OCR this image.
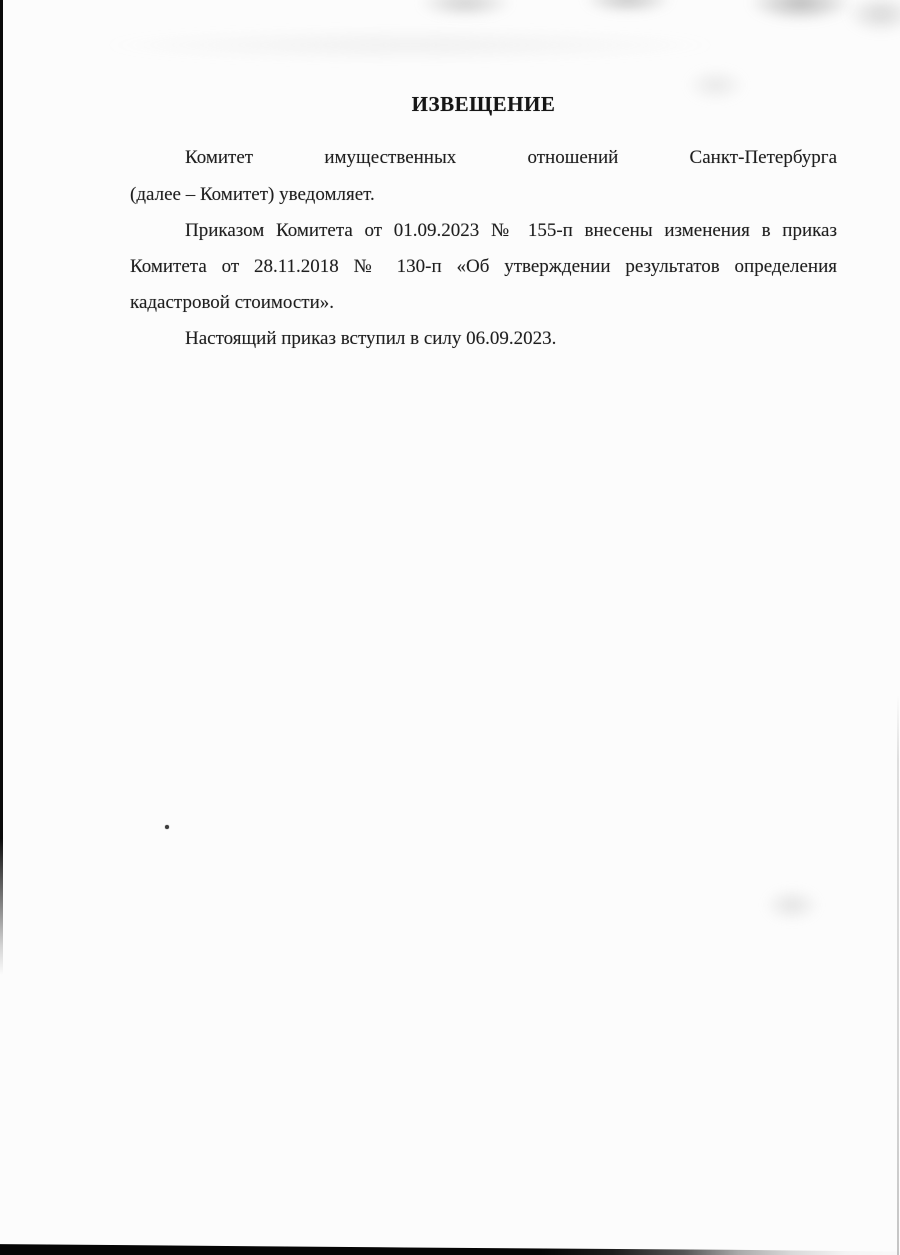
ИЗВЕЩЕНИЕ
Комитет имущественных отношений Санкт-Петербурга
(далее – Комитет) уведомляет.
Приказом Комитета от 01.09.2023 № 155-п внесены изменения в приказ
Комитета от 28.11.2018 № 130-п «Об утверждении результатов определения
кадастровой стоимости».
Настоящий приказ вступил в силу 06.09.2023.
